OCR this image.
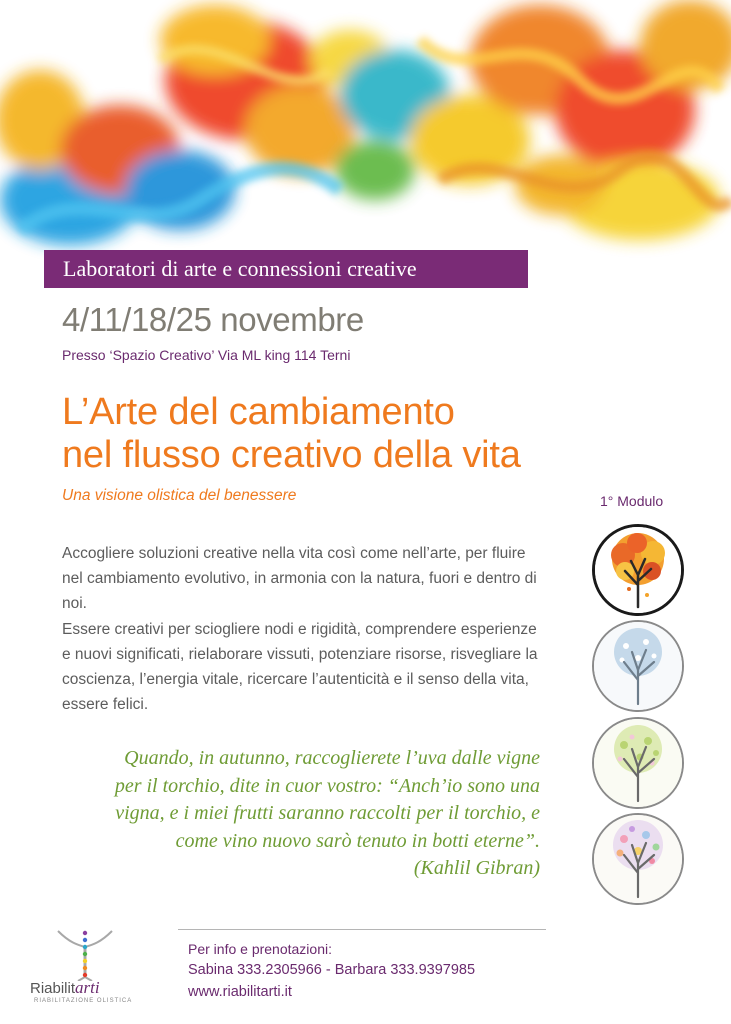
Laboratori di arte e connessioni creative
4/11/18/25 novembre
Presso ‘Spazio Creativo’ Via ML king 114 Terni
L’Arte del cambiamento
nel flusso creativo della vita
Una visione olistica del benessere	1° Modulo

Accogliere soluzioni creative nella vita così come nell’arte, per fluire nel cambiamento evolutivo, in armonia con la natura, fuori e dentro di noi.

Essere creativi per sciogliere nodi e rigidità, comprendere esperienze e nuovi significati, rielaborare vissuti, potenziare risorse, risvegliare la coscienza, l’energia vitale, ricercare l’autenticità e il senso della vita, essere felici.

Quando, in autunno, raccoglierete l’uva dalle vigne
per il torchio, dite in cuor vostro: “Anch’io sono una
vigna, e i miei frutti saranno raccolti per il torchio, e
come vino nuovo sarò tenuto in botti eterne”.
(Kahlil Gibran)
Riabilitarti
RIABILITAZIONE OLISTICA
Per info e prenotazioni:
Sabina 333.2305966 - Barbara 333.9397985
www.riabilitarti.it
